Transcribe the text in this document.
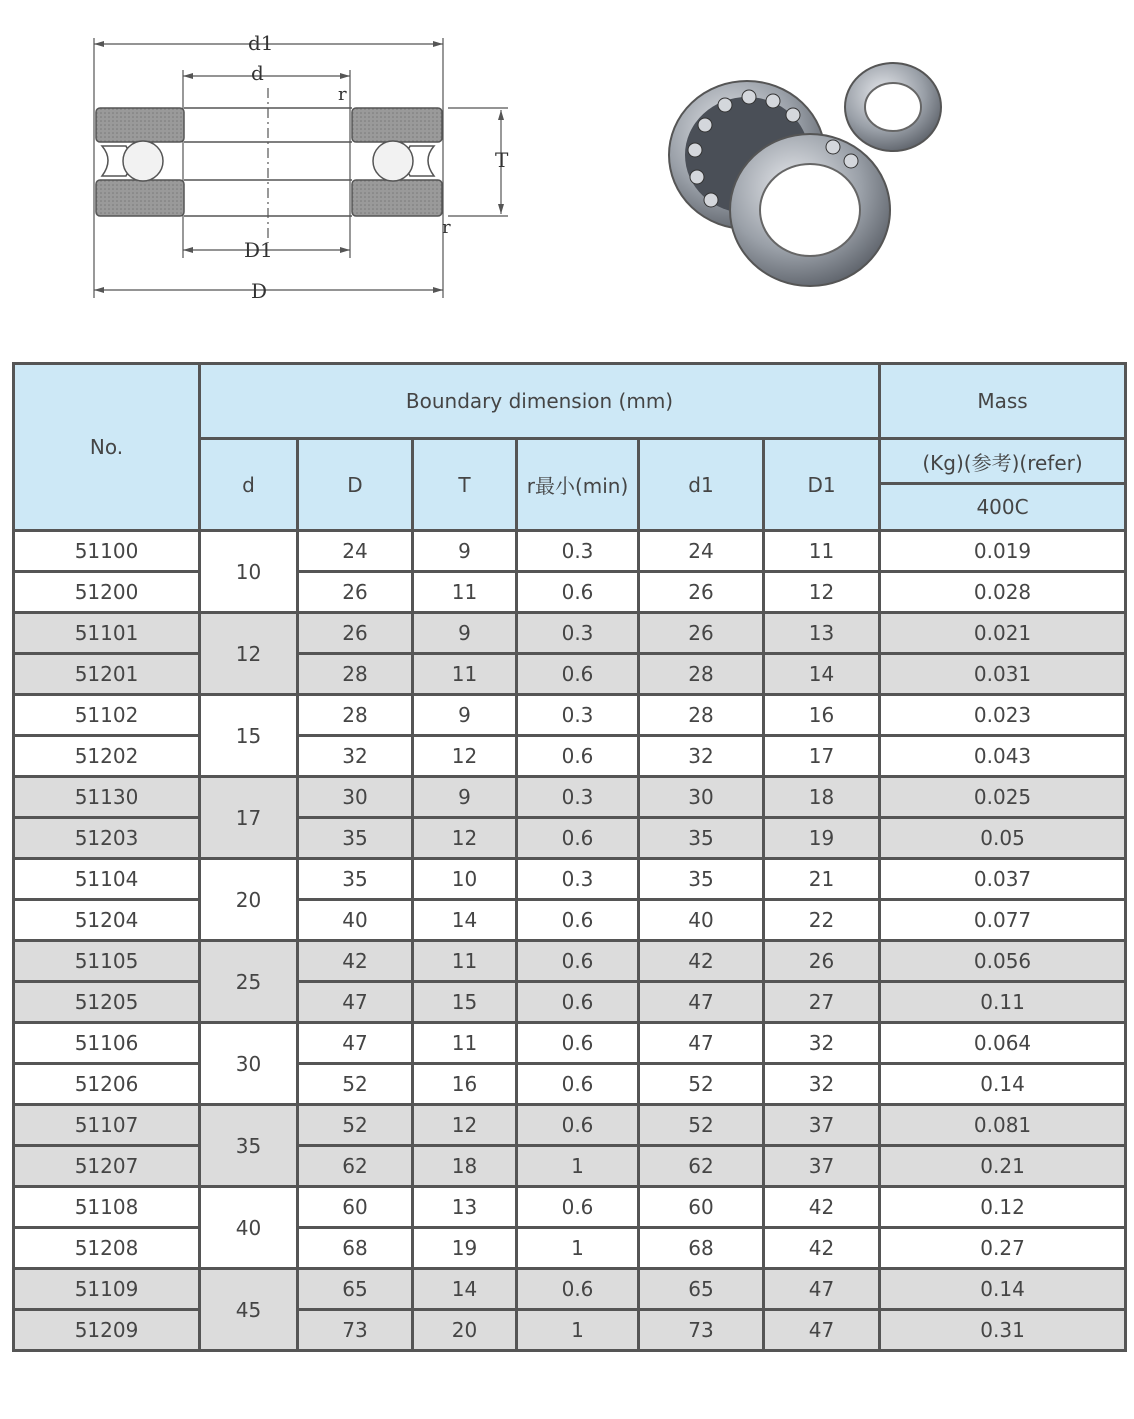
d1
d
r
T
r
D1
D
No.	Boundary dimension (mm)						Mass
	d	D	T	r最小(min)	d1	D1	(Kg)(参考)(refer)
							400C
51100	10	24	9	0.3	24	11	0.019
51200		26	11	0.6	26	12	0.028
51101	12	26	9	0.3	26	13	0.021
51201		28	11	0.6	28	14	0.031
51102	15	28	9	0.3	28	16	0.023
51202		32	12	0.6	32	17	0.043
51130	17	30	9	0.3	30	18	0.025
51203		35	12	0.6	35	19	0.05
51104	20	35	10	0.3	35	21	0.037
51204		40	14	0.6	40	22	0.077
51105	25	42	11	0.6	42	26	0.056
51205		47	15	0.6	47	27	0.11
51106	30	47	11	0.6	47	32	0.064
51206		52	16	0.6	52	32	0.14
51107	35	52	12	0.6	52	37	0.081
51207		62	18	1	62	37	0.21
51108	40	60	13	0.6	60	42	0.12
51208		68	19	1	68	42	0.27
51109	45	65	14	0.6	65	47	0.14
51209		73	20	1	73	47	0.31
